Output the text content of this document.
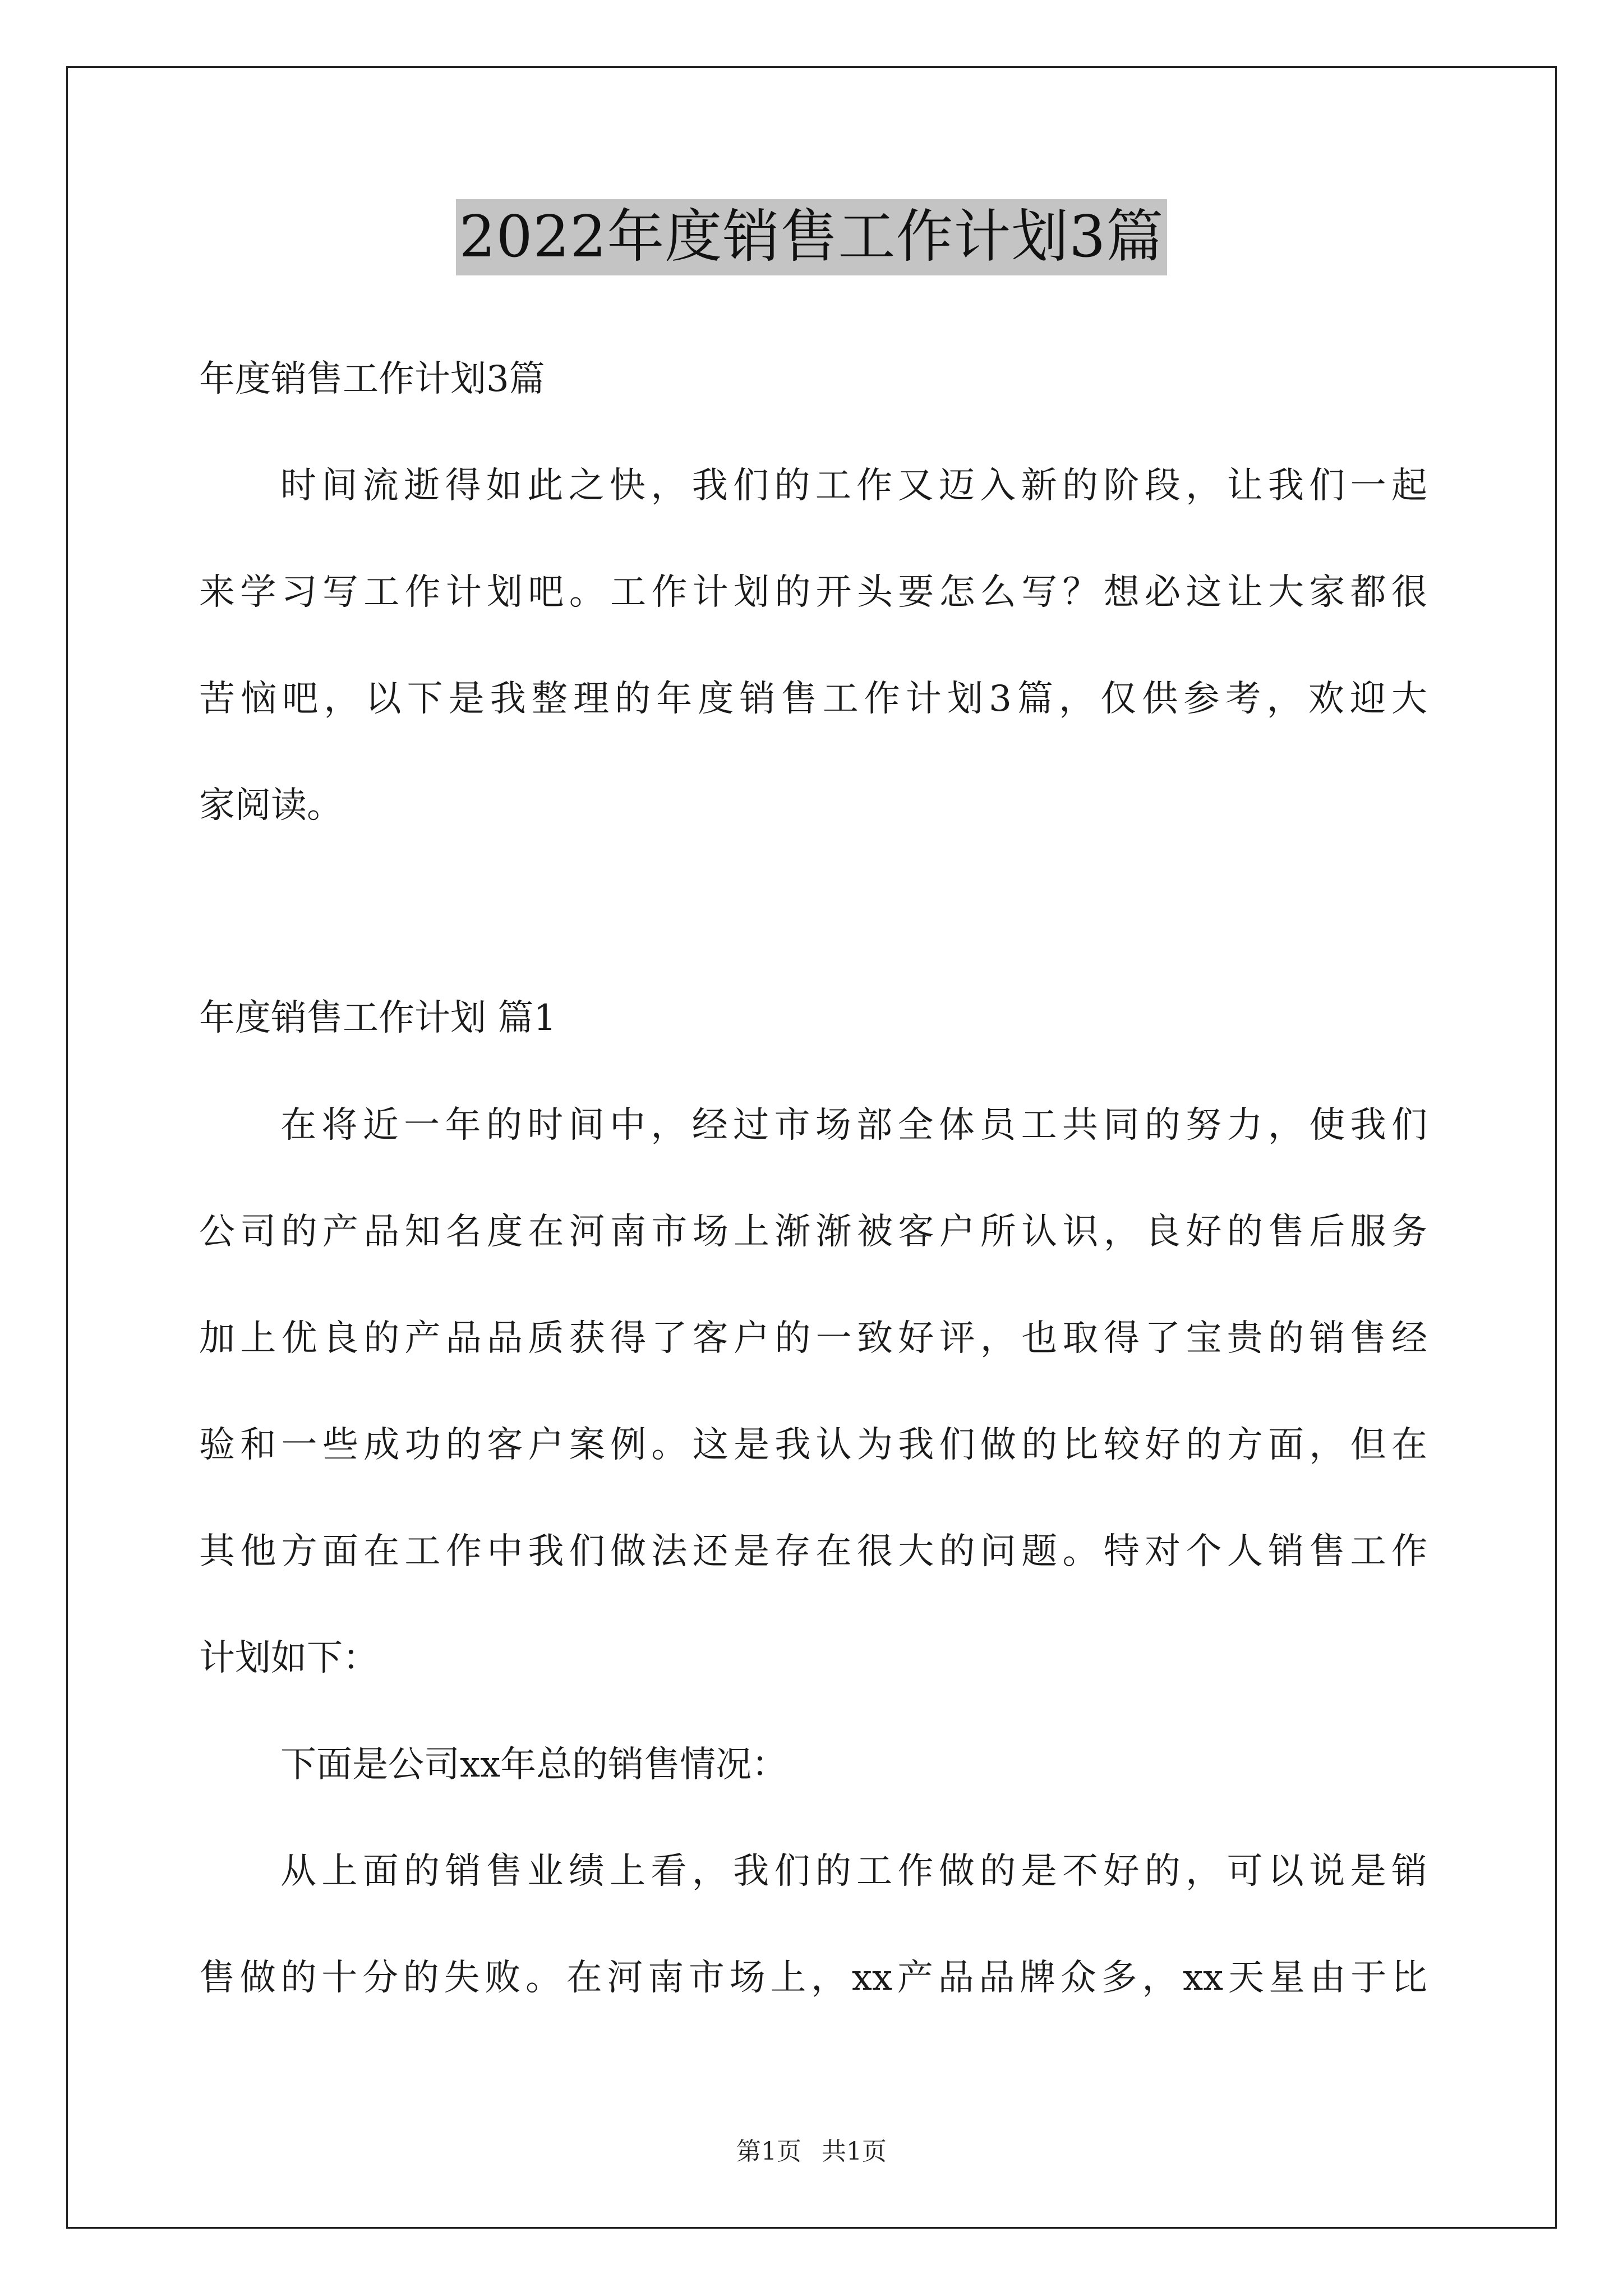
2022年度销售工作计划3篇
年度销售工作计划3篇
时间流逝得如此之快，我们的工作又迈入新的阶段，让我们一起
来学习写工作计划吧。工作计划的开头要怎么写？想必这让大家都很
苦恼吧，以下是我整理的年度销售工作计划3篇，仅供参考，欢迎大
家阅读。
年度销售工作计划 篇1
在将近一年的时间中，经过市场部全体员工共同的努力，使我们
公司的产品知名度在河南市场上渐渐被客户所认识，良好的售后服务
加上优良的产品品质获得了客户的一致好评，也取得了宝贵的销售经
验和一些成功的客户案例。这是我认为我们做的比较好的方面，但在
其他方面在工作中我们做法还是存在很大的问题。特对个人销售工作
计划如下：
下面是公司xx年总的销售情况：
从上面的销售业绩上看，我们的工作做的是不好的，可以说是销
售做的十分的失败。在河南市场上，xx产品品牌众多，xx天星由于比
第1页 共1页
